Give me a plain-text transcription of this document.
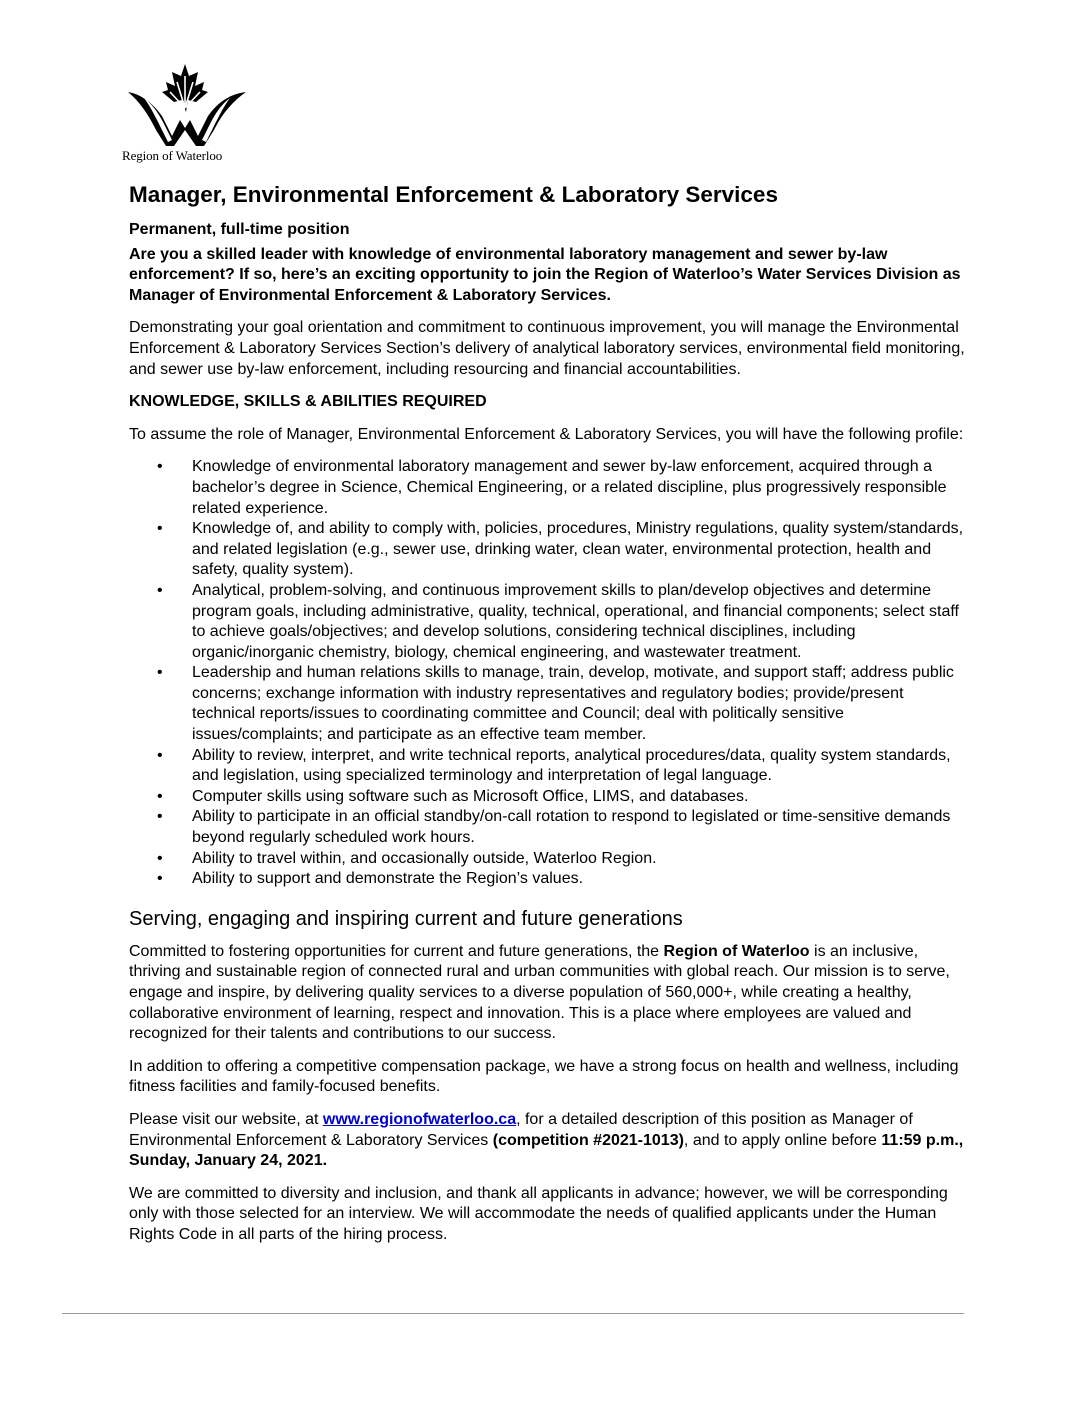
Region of Waterloo
Manager, Environmental Enforcement & Laboratory Services
Permanent, full-time position
Are you a skilled leader with knowledge of environmental laboratory management and sewer by-law enforcement? If so, here’s an exciting opportunity to join the Region of Waterloo’s Water Services Division as Manager of Environmental Enforcement & Laboratory Services.

Demonstrating your goal orientation and commitment to continuous improvement, you will manage the Environmental Enforcement & Laboratory Services Section’s delivery of analytical laboratory services, environmental field monitoring, and sewer use by-law enforcement, including resourcing and financial accountabilities.

KNOWLEDGE, SKILLS & ABILITIES REQUIRED

To assume the role of Manager, Environmental Enforcement & Laboratory Services, you will have the following profile:

• Knowledge of environmental laboratory management and sewer by-law enforcement, acquired through a bachelor’s degree in Science, Chemical Engineering, or a related discipline, plus progressively responsible related experience.
• Knowledge of, and ability to comply with, policies, procedures, Ministry regulations, quality system/standards, and related legislation (e.g., sewer use, drinking water, clean water, environmental protection, health and safety, quality system).
• Analytical, problem-solving, and continuous improvement skills to plan/develop objectives and determine program goals, including administrative, quality, technical, operational, and financial components; select staff to achieve goals/objectives; and develop solutions, considering technical disciplines, including organic/inorganic chemistry, biology, chemical engineering, and wastewater treatment.
• Leadership and human relations skills to manage, train, develop, motivate, and support staff; address public concerns; exchange information with industry representatives and regulatory bodies; provide/present technical reports/issues to coordinating committee and Council; deal with politically sensitive issues/complaints; and participate as an effective team member.
• Ability to review, interpret, and write technical reports, analytical procedures/data, quality system standards, and legislation, using specialized terminology and interpretation of legal language.
• Computer skills using software such as Microsoft Office, LIMS, and databases.
• Ability to participate in an official standby/on-call rotation to respond to legislated or time-sensitive demands beyond regularly scheduled work hours.
• Ability to travel within, and occasionally outside, Waterloo Region.
• Ability to support and demonstrate the Region’s values.
Serving, engaging and inspiring current and future generations

Committed to fostering opportunities for current and future generations, the Region of Waterloo is an inclusive, thriving and sustainable region of connected rural and urban communities with global reach. Our mission is to serve, engage and inspire, by delivering quality services to a diverse population of 560,000+, while creating a healthy, collaborative environment of learning, respect and innovation. This is a place where employees are valued and recognized for their talents and contributions to our success.

In addition to offering a competitive compensation package, we have a strong focus on health and wellness, including fitness facilities and family-focused benefits.

Please visit our website, at www.regionofwaterloo.ca, for a detailed description of this position as Manager of Environmental Enforcement & Laboratory Services (competition #2021-1013), and to apply online before 11:59 p.m., Sunday, January 24, 2021.

We are committed to diversity and inclusion, and thank all applicants in advance; however, we will be corresponding only with those selected for an interview. We will accommodate the needs of qualified applicants under the Human Rights Code in all parts of the hiring process.
